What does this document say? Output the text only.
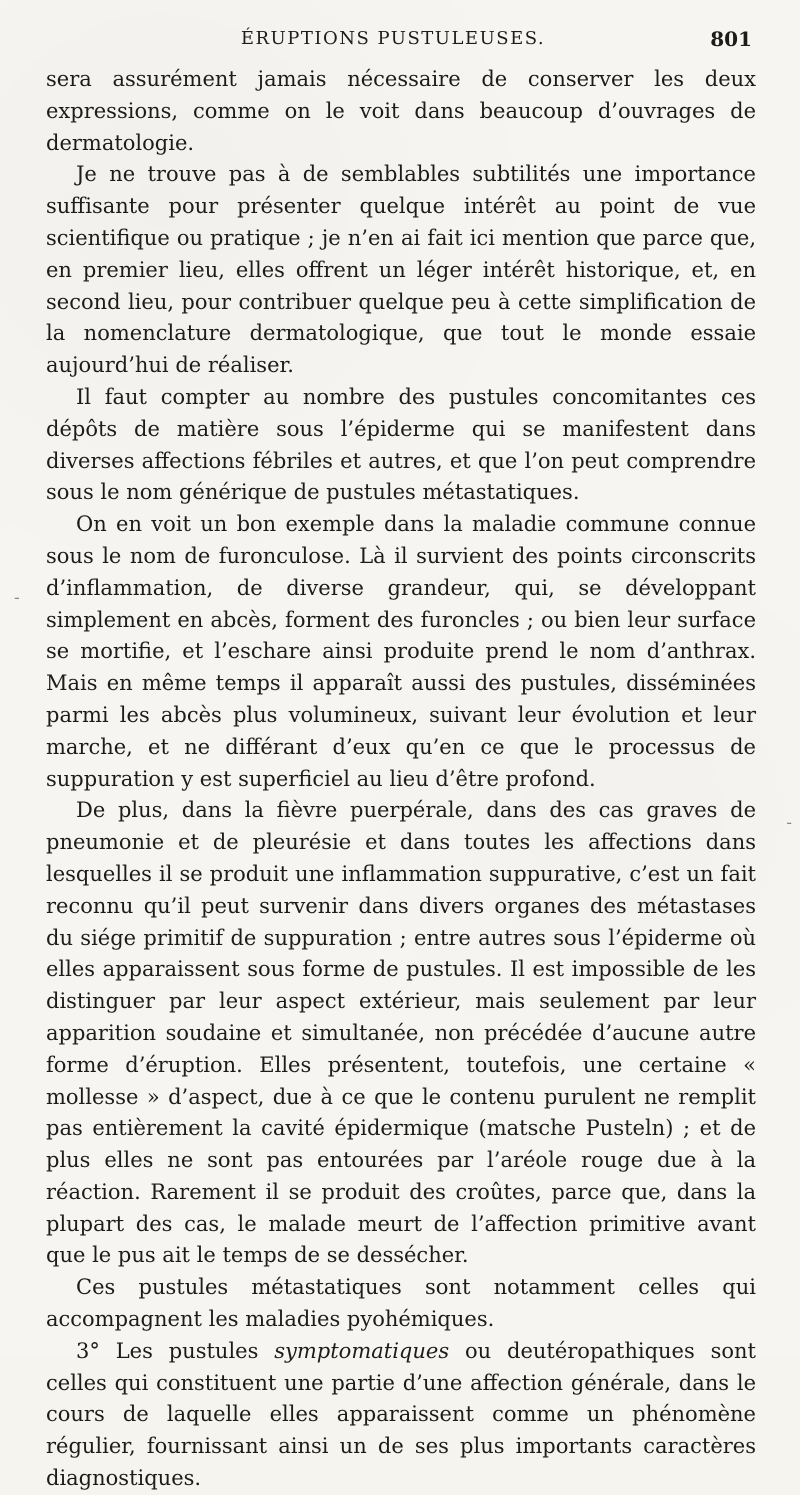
ÉRUPTIONS PUSTULEUSES.	801

sera assurément jamais nécessaire de conserver les deux expressions, comme on le voit dans beaucoup d’ouvrages de dermatologie.

Je ne trouve pas à de semblables subtilités une importance suffisante pour présenter quelque intérêt au point de vue scientifique ou pratique ; je n’en ai fait ici mention que parce que, en premier lieu, elles offrent un léger intérêt historique, et, en second lieu, pour contribuer quelque peu à cette simplification de la nomenclature dermatologique, que tout le monde essaie aujourd’hui de réaliser.

Il faut compter au nombre des pustules concomitantes ces dépôts de matière sous l’épiderme qui se manifestent dans diverses affections fébriles et autres, et que l’on peut comprendre sous le nom générique de pustules métastatiques.

On en voit un bon exemple dans la maladie commune connue sous le nom de furonculose. Là il survient des points circonscrits d’inflammation, de diverse grandeur, qui, se développant simplement en abcès, forment des furoncles ; ou bien leur surface se mortifie, et l’eschare ainsi produite prend le nom d’anthrax. Mais en même temps il apparaît aussi des pustules, disséminées parmi les abcès plus volumineux, suivant leur évolution et leur marche, et ne différant d’eux qu’en ce que le processus de suppuration y est superficiel au lieu d’être profond.

De plus, dans la fièvre puerpérale, dans des cas graves de pneumonie et de pleurésie et dans toutes les affections dans lesquelles il se produit une inflammation suppurative, c’est un fait reconnu qu’il peut survenir dans divers organes des métastases du siége primitif de suppuration ; entre autres sous l’épiderme où elles apparaissent sous forme de pustules. Il est impossible de les distinguer par leur aspect extérieur, mais seulement par leur apparition soudaine et simultanée, non précédée d’aucune autre forme d’éruption. Elles présentent, toutefois, une certaine « mollesse » d’aspect, due à ce que le contenu purulent ne remplit pas entièrement la cavité épidermique (matsche Pusteln) ; et de plus elles ne sont pas entourées par l’aréole rouge due à la réaction. Rarement il se produit des croûtes, parce que, dans la plupart des cas, le malade meurt de l’affection primitive avant que le pus ait le temps de se dessécher.

Ces pustules métastatiques sont notamment celles qui accompagnent les maladies pyohémiques.

3° Les pustules symptomatiques ou deutéropathiques sont celles qui constituent une partie d’une affection générale, dans le cours de laquelle elles apparaissent comme un phénomène régulier, fournissant ainsi un de ses plus importants caractères diagnostiques.

-
-
